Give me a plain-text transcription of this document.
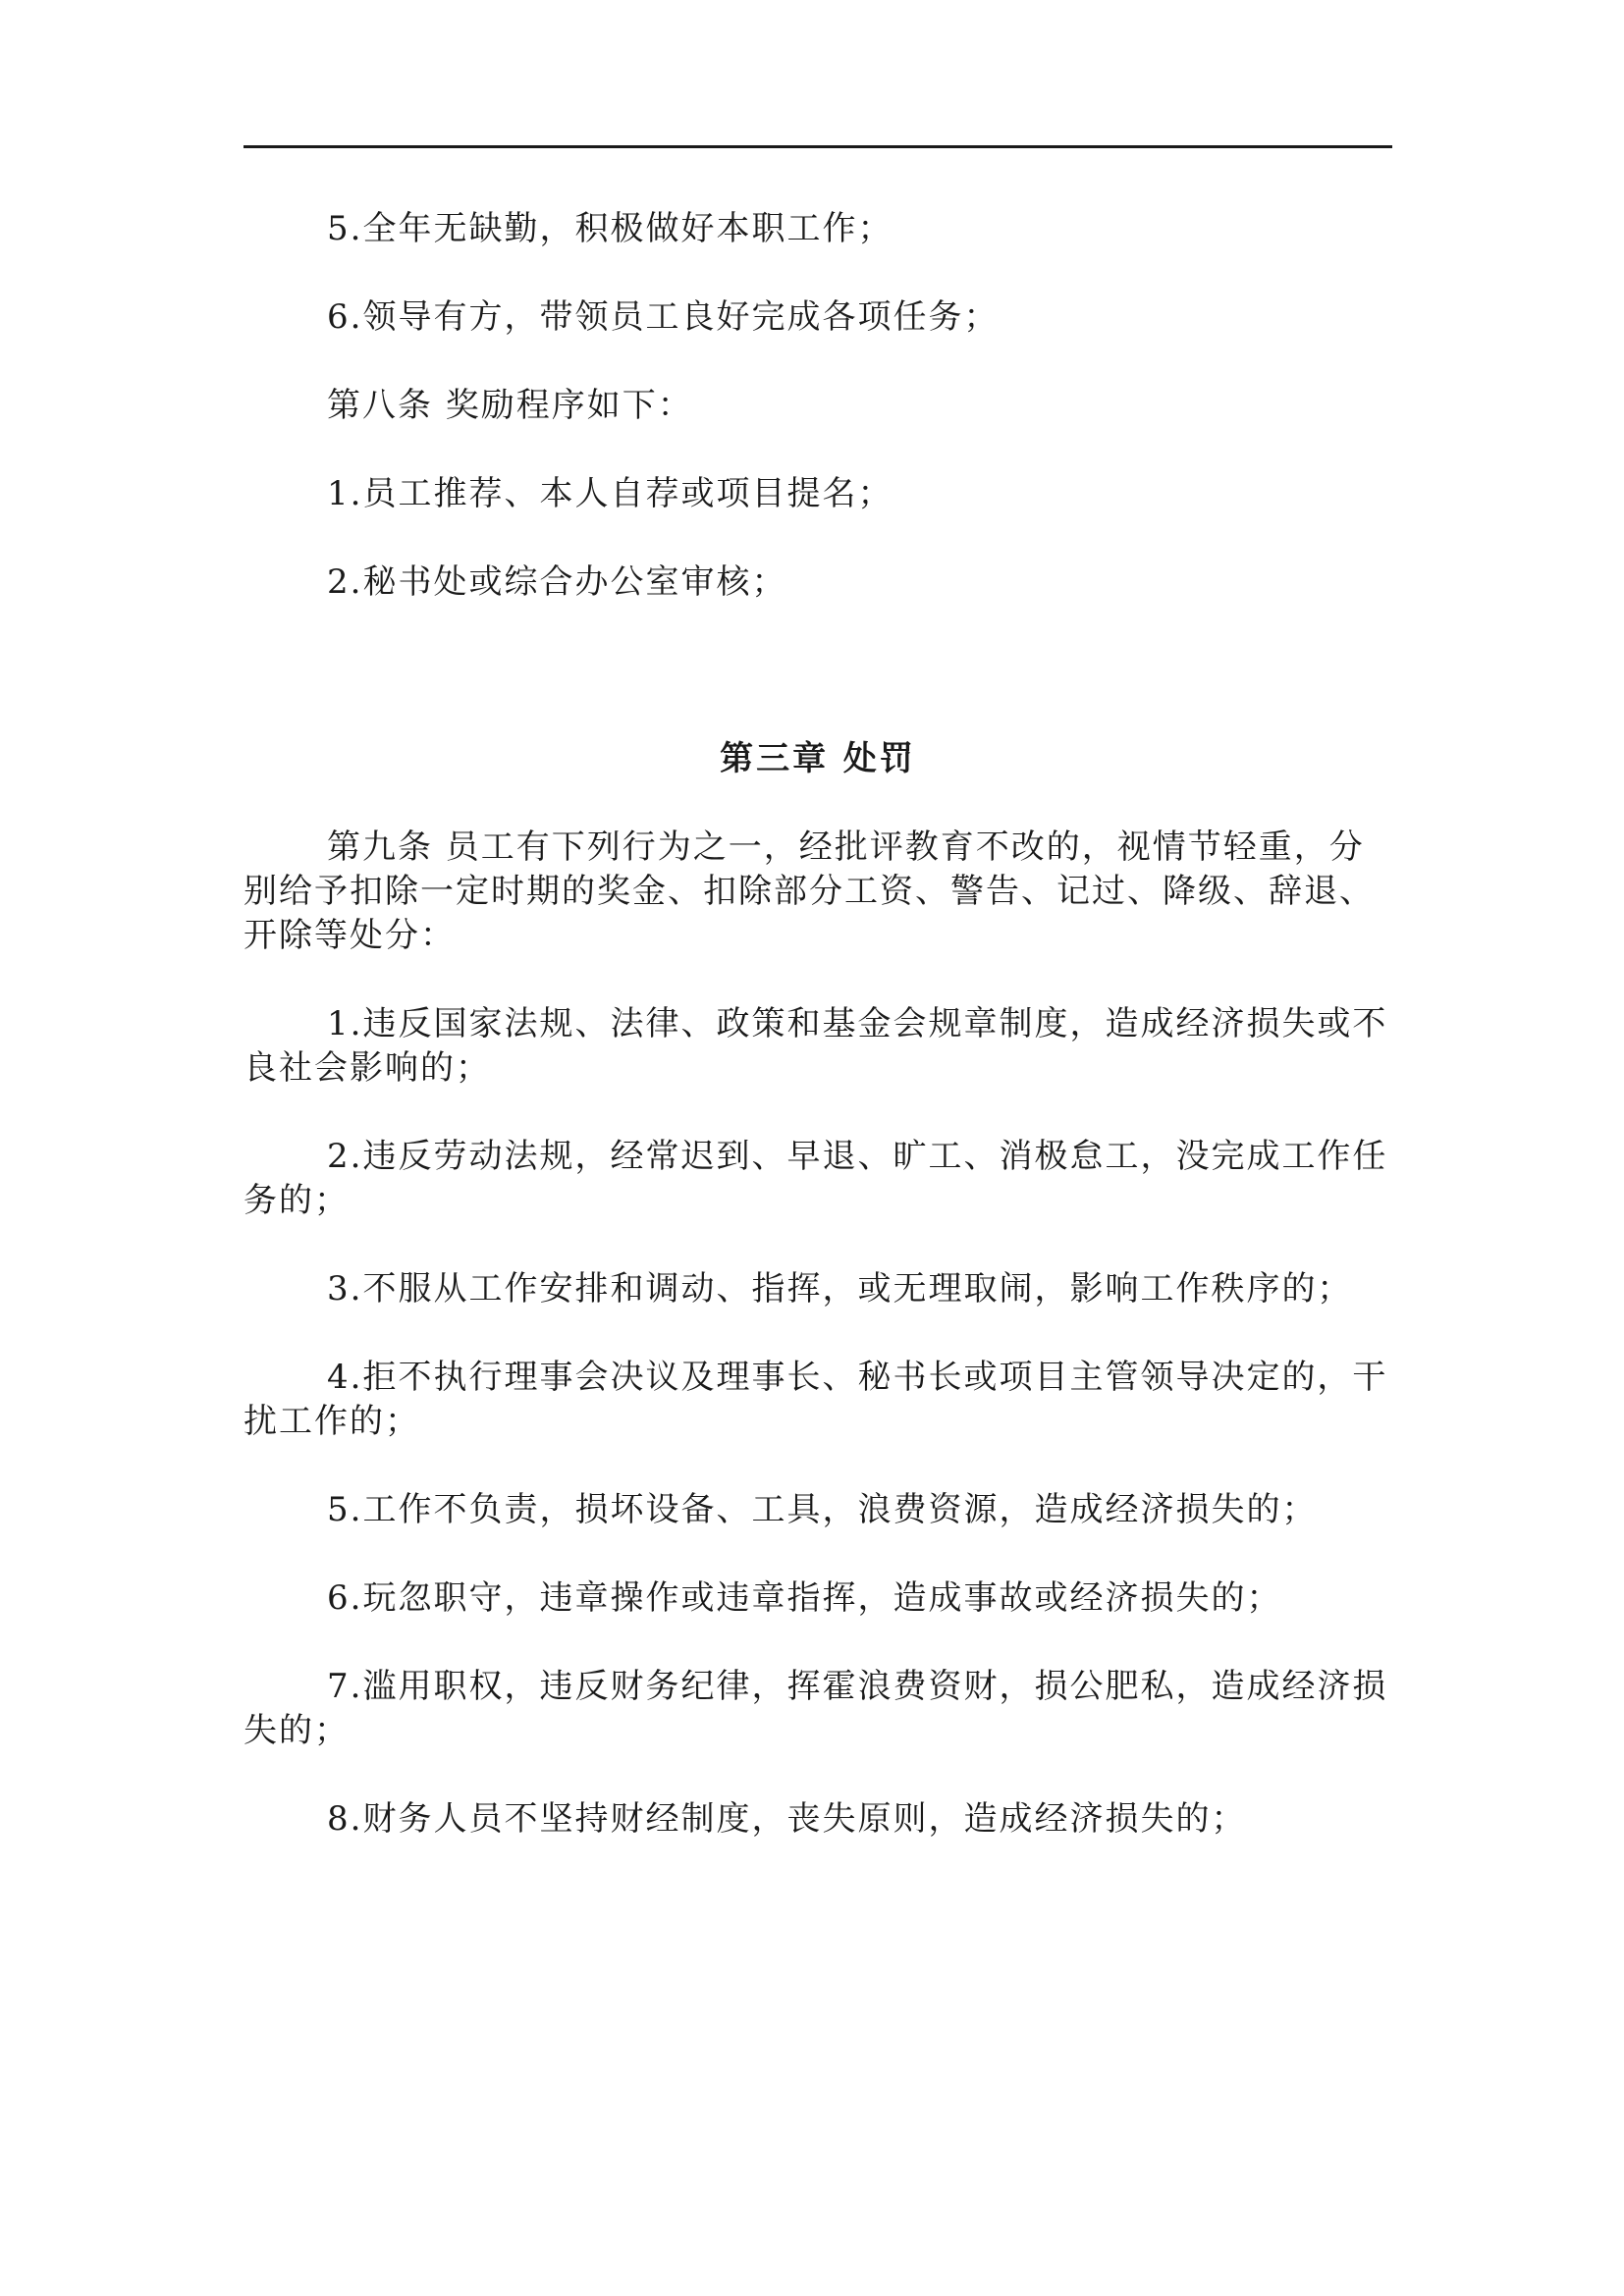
5.全年无缺勤，积极做好本职工作；

6.领导有方，带领员工良好完成各项任务；

第八条 奖励程序如下：

1.员工推荐、本人自荐或项目提名；

2.秘书处或综合办公室审核；

第三章 处罚

第九条 员工有下列行为之一，经批评教育不改的，视情节轻重，分别给予扣除一定时期的奖金、扣除部分工资、警告、记过、降级、辞退、开除等处分：

1.违反国家法规、法律、政策和基金会规章制度，造成经济损失或不良社会影响的；

2.违反劳动法规，经常迟到、早退、旷工、消极怠工，没完成工作任务的；

3.不服从工作安排和调动、指挥，或无理取闹，影响工作秩序的；

4.拒不执行理事会决议及理事长、秘书长或项目主管领导决定的，干扰工作的；

5.工作不负责，损坏设备、工具，浪费资源，造成经济损失的；

6.玩忽职守，违章操作或违章指挥，造成事故或经济损失的；

7.滥用职权，违反财务纪律，挥霍浪费资财，损公肥私，造成经济损失的；

8.财务人员不坚持财经制度，丧失原则，造成经济损失的；
